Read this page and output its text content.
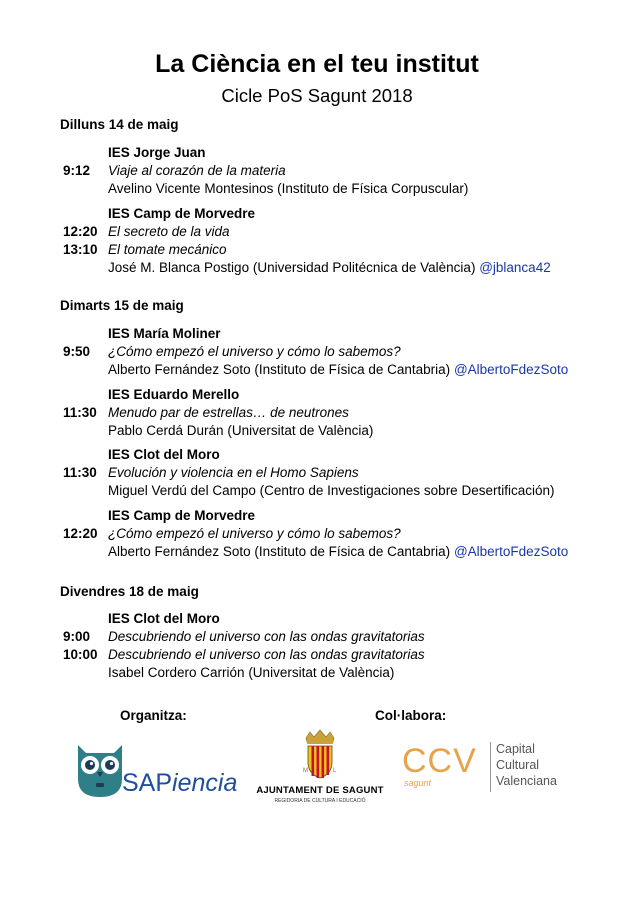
La Ciència en el teu institut
Cicle PoS Sagunt 2018
Dilluns 14 de maig
IES Jorge Juan
9:12 Viaje al corazón de la materia
Avelino Vicente Montesinos (Instituto de Física Corpuscular)
IES Camp de Morvedre
12:20 El secreto de la vida
13:10 El tomate mecánico
José M. Blanca Postigo (Universidad Politécnica de València) @jblanca42
Dimarts 15 de maig
IES María Moliner
9:50 ¿Cómo empezó el universo y cómo lo sabemos?
Alberto Fernández Soto (Instituto de Física de Cantabria) @AlbertoFdezSoto
IES Eduardo Merello
11:30 Menudo par de estrellas… de neutrones
Pablo Cerdá Durán (Universitat de València)
IES Clot del Moro
11:30 Evolución y violencia en el Homo Sapiens
Miguel Verdú del Campo (Centro de Investigaciones sobre Desertificación)
IES Camp de Morvedre
12:20 ¿Cómo empezó el universo y cómo lo sabemos?
Alberto Fernández Soto (Instituto de Física de Cantabria) @AlbertoFdezSoto
Divendres 18 de maig
IES Clot del Moro
9:00 Descubriendo el universo con las ondas gravitatorias
10:00 Descubriendo el universo con las ondas gravitatorias
Isabel Cordero Carrión (Universitat de València)
Organitza:	Col·labora:
SAPiencia	M	L
AJUNTAMENT DE SAGUNT
REGIDORIA DE CULTURA I EDUCACIÓ
CCV
sagunt
Capital
Cultural
Valenciana
